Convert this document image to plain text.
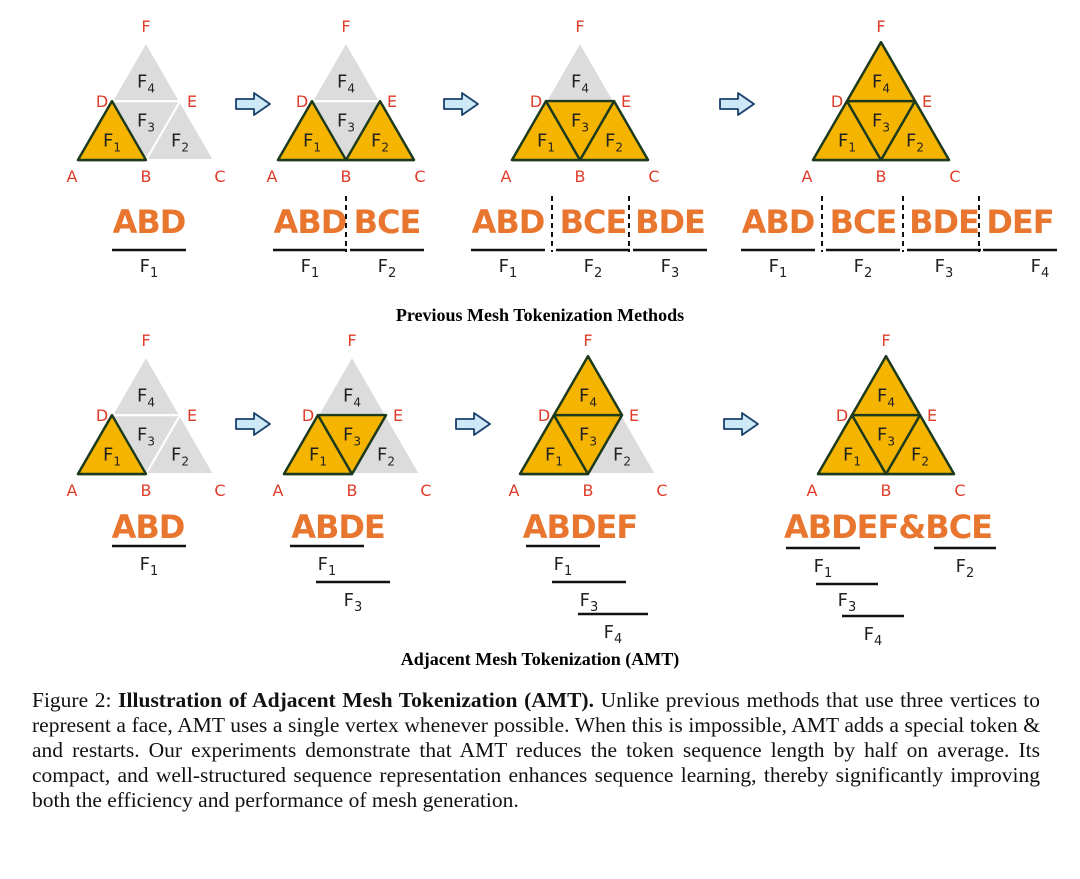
$F_1$	$F_2$
$F_3$
$F_4$
A	B	C
D	E
F
$F_1$	$F_2$
$F_3$
$F_4$
A	B	C
D	E
F
$F_1$	$F_2$
$F_3$
$F_4$
A	B	C
D	E
F
$F_1$	$F_2$
$F_3$
$F_4$
A	B	C
D	E
F
ABD
$F_1$
ABD
$F_1$
BCE
$F_2$
ABD
$F_1$
BCE
$F_2$
BDE
$F_3$
ABD
$F_1$
BCE
$F_2$
BDE
$F_3$
DEF
$F_4$
Previous Mesh Tokenization Methods
$F_1$	$F_2$
$F_3$
$F_4$
A	B	C
D	E
F
$F_1$	$F_2$
$F_3$
$F_4$
A	B	C
D	E
F
$F_1$	$F_2$
$F_3$
$F_4$
A	B	C
D	E
F
$F_1$	$F_2$
$F_3$
$F_4$
A	B	C
D	E
F
ABD
$F_1$
ABDE
$F_1$
$F_3$
ABDEF
$F_1$
$F_3$
$F_4$
ABDEF&BCE
$F_1$
$F_3$
$F_4$
$F_2$
Adjacent Mesh Tokenization (AMT)

Figure 2: Illustration of Adjacent Mesh Tokenization (AMT). Unlike previous methods that use three vertices to represent a face, AMT uses a single vertex whenever possible. When this is impossible, AMT adds a special token & and restarts. Our experiments demonstrate that AMT reduces the token sequence length by half on average. Its compact, and well-structured sequence representation enhances sequence learning, thereby significantly improving both the efficiency and performance of mesh generation.
